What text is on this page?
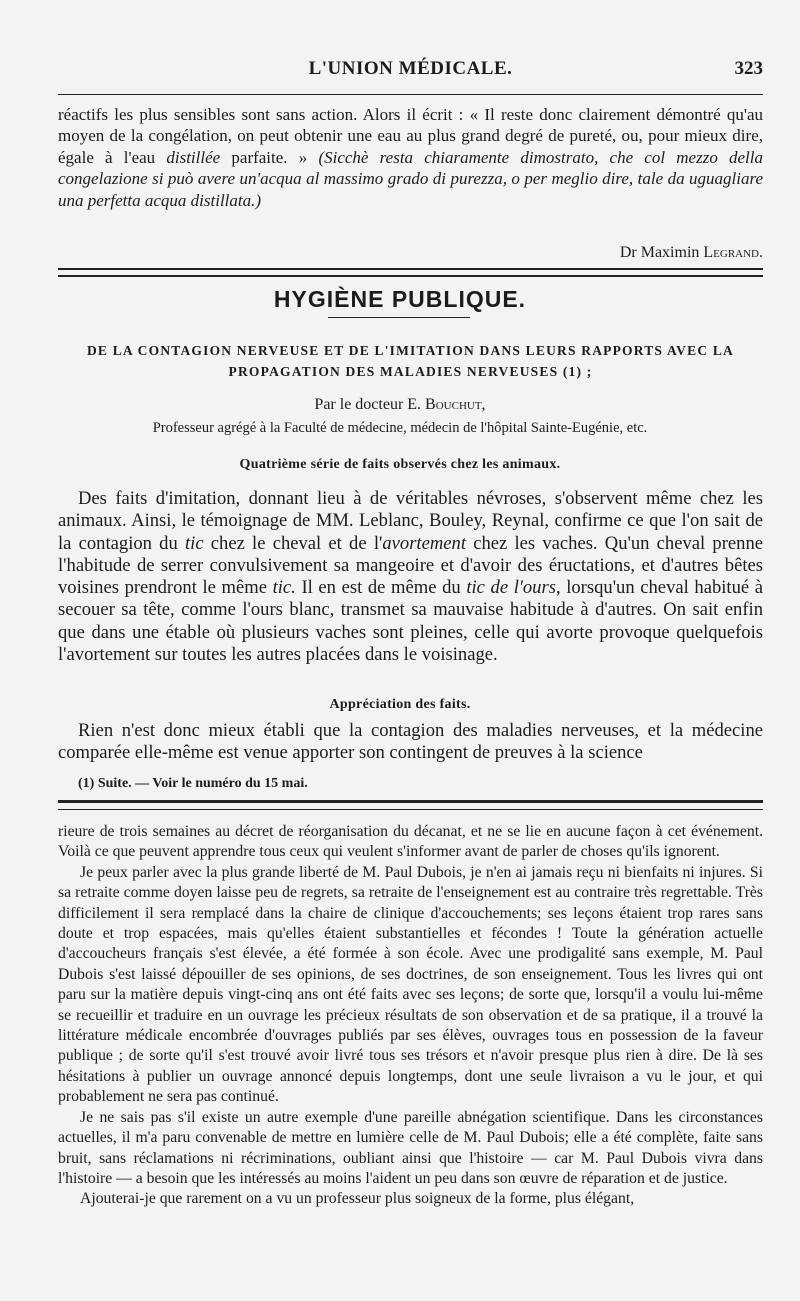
L'UNION MÉDICALE.	323

réactifs les plus sensibles sont sans action. Alors il écrit : « Il reste donc clairement démontré qu'au moyen de la congélation, on peut obtenir une eau au plus grand degré de pureté, ou, pour mieux dire, égale à l'eau distillée parfaite. » (Sicchè resta chiaramente dimostrato, che col mezzo della congelazione si può avere un'acqua al massimo grado di purezza, o per meglio dire, tale da uguagliare una perfetta acqua distillata.)

Dr Maximin Legrand.
HYGIÈNE PUBLIQUE.
DE LA CONTAGION NERVEUSE ET DE L'IMITATION DANS LEURS RAPPORTS AVEC LA PROPAGATION DES MALADIES NERVEUSES (1) ;
Par le docteur E. Bouchut,
Professeur agrégé à la Faculté de médecine, médecin de l'hôpital Sainte-Eugénie, etc.
Quatrième série de faits observés chez les animaux.

Des faits d'imitation, donnant lieu à de véritables névroses, s'observent même chez les animaux. Ainsi, le témoignage de MM. Leblanc, Bouley, Reynal, confirme ce que l'on sait de la contagion du tic chez le cheval et de l'avortement chez les vaches. Qu'un cheval prenne l'habitude de serrer convulsivement sa mangeoire et d'avoir des éructations, et d'autres bêtes voisines prendront le même tic. Il en est de même du tic de l'ours, lorsqu'un cheval habitué à secouer sa tête, comme l'ours blanc, transmet sa mauvaise habitude à d'autres. On sait enfin que dans une étable où plusieurs vaches sont pleines, celle qui avorte provoque quelquefois l'avortement sur toutes les autres placées dans le voisinage.

Appréciation des faits.

Rien n'est donc mieux établi que la contagion des maladies nerveuses, et la médecine comparée elle-même est venue apporter son contingent de preuves à la science

(1) Suite. — Voir le numéro du 15 mai.

rieure de trois semaines au décret de réorganisation du décanat, et ne se lie en aucune façon à cet événement. Voilà ce que peuvent apprendre tous ceux qui veulent s'informer avant de parler de choses qu'ils ignorent.

Je peux parler avec la plus grande liberté de M. Paul Dubois, je n'en ai jamais reçu ni bienfaits ni injures. Si sa retraite comme doyen laisse peu de regrets, sa retraite de l'enseignement est au contraire très regrettable. Très difficilement il sera remplacé dans la chaire de clinique d'accouchements; ses leçons étaient trop rares sans doute et trop espacées, mais qu'elles étaient substantielles et fécondes ! Toute la génération actuelle d'accoucheurs français s'est élevée, a été formée à son école. Avec une prodigalité sans exemple, M. Paul Dubois s'est laissé dépouiller de ses opinions, de ses doctrines, de son enseignement. Tous les livres qui ont paru sur la matière depuis vingt-cinq ans ont été faits avec ses leçons; de sorte que, lorsqu'il a voulu lui-même se recueillir et traduire en un ouvrage les précieux résultats de son observation et de sa pratique, il a trouvé la littérature médicale encombrée d'ouvrages publiés par ses élèves, ouvrages tous en possession de la faveur publique ; de sorte qu'il s'est trouvé avoir livré tous ses trésors et n'avoir presque plus rien à dire. De là ses hésitations à publier un ouvrage annoncé depuis longtemps, dont une seule livraison a vu le jour, et qui probablement ne sera pas continué.

Je ne sais pas s'il existe un autre exemple d'une pareille abnégation scientifique. Dans les circonstances actuelles, il m'a paru convenable de mettre en lumière celle de M. Paul Dubois; elle a été complète, faite sans bruit, sans réclamations ni récriminations, oubliant ainsi que l'histoire — car M. Paul Dubois vivra dans l'histoire — a besoin que les intéressés au moins l'aident un peu dans son œuvre de réparation et de justice.

Ajouterai-je que rarement on a vu un professeur plus soigneux de la forme, plus élégant,
